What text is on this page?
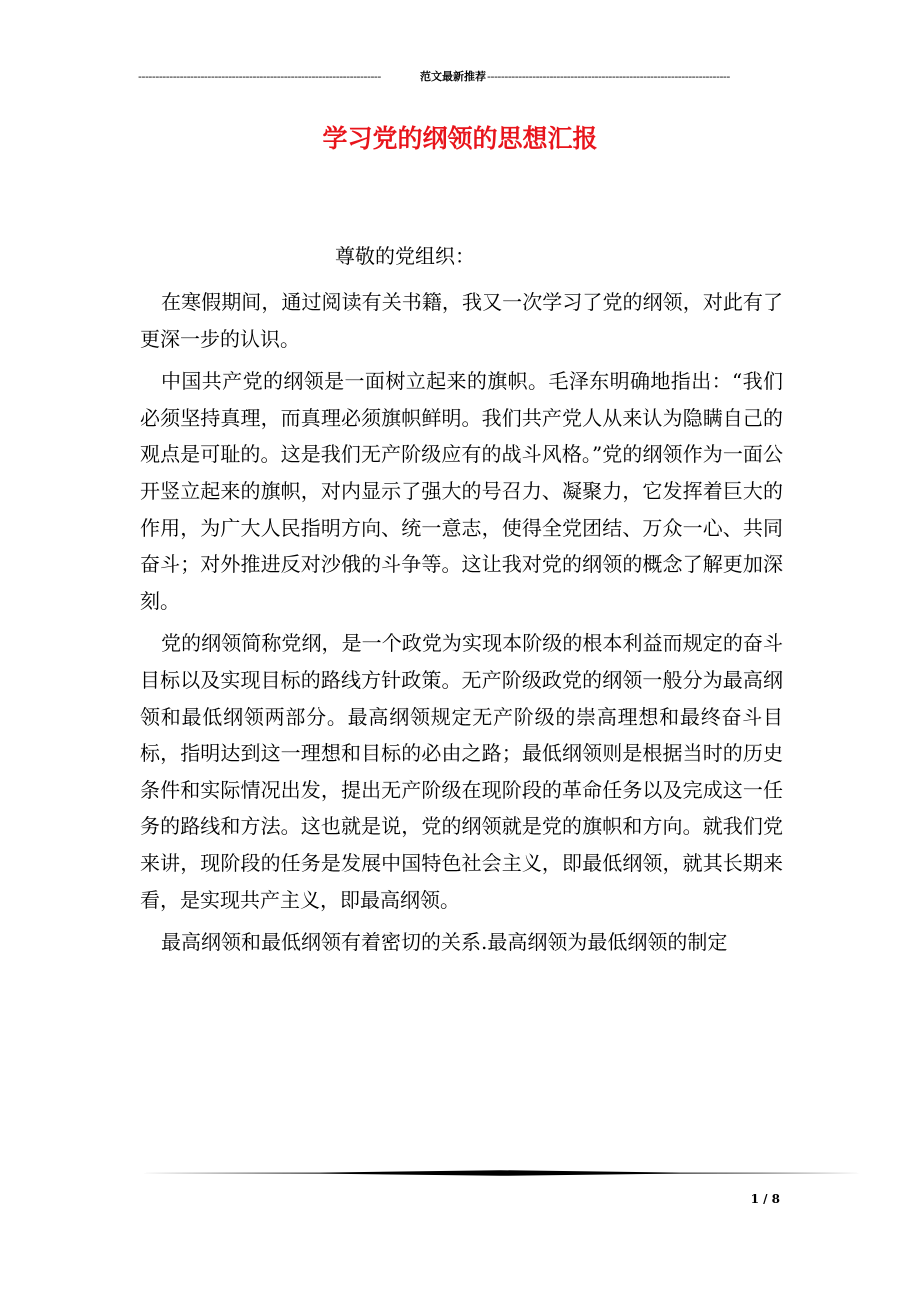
----------------------------------------------------------------------	范文最新推荐 ----------------------------------------------------------------------
学习党的纲领的思想汇报
尊敬的党组织：

在寒假期间，通过阅读有关书籍，我又一次学习了党的纲领，对此有了更深一步的认识。

中国共产党的纲领是一面树立起来的旗帜。毛泽东明确地指出：“我们必须坚持真理，而真理必须旗帜鲜明。我们共产党人从来认为隐瞒自己的观点是可耻的。这是我们无产阶级应有的战斗风格。”党的纲领作为一面公开竖立起来的旗帜，对内显示了强大的号召力、凝聚力，它发挥着巨大的作用，为广大人民指明方向、统一意志，使得全党团结、万众一心、共同奋斗；对外推进反对沙俄的斗争等。这让我对党的纲领的概念了解更加深刻。

党的纲领简称党纲，是一个政党为实现本阶级的根本利益而规定的奋斗目标以及实现目标的路线方针政策。无产阶级政党的纲领一般分为最高纲领和最低纲领两部分。最高纲领规定无产阶级的崇高理想和最终奋斗目标，指明达到这一理想和目标的必由之路；最低纲领则是根据当时的历史条件和实际情况出发，提出无产阶级在现阶段的革命任务以及完成这一任务的路线和方法。这也就是说，党的纲领就是党的旗帜和方向。就我们党来讲，现阶段的任务是发展中国特色社会主义，即最低纲领，就其长期来看，是实现共产主义，即最高纲领。

最高纲领和最低纲领有着密切的关系.最高纲领为最低纲领的制定

1 / 8
